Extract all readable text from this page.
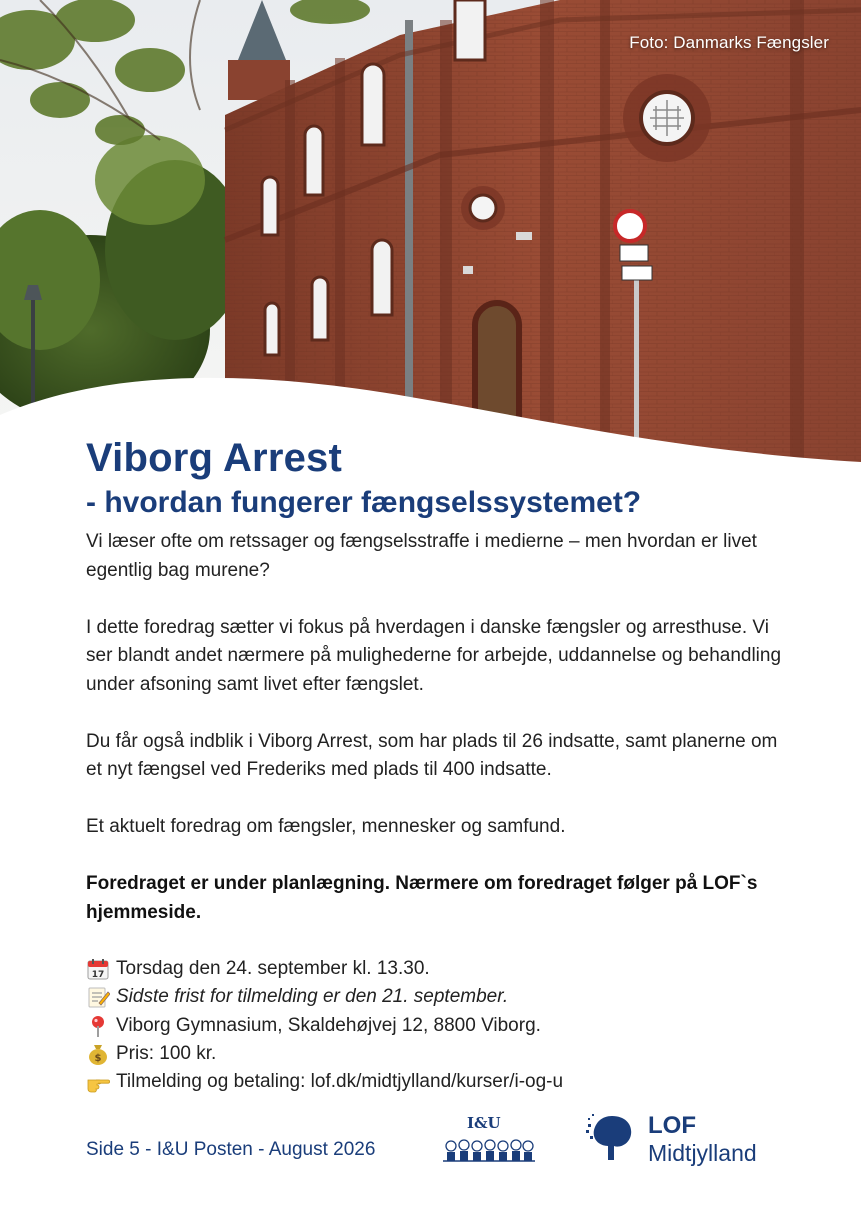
Foto: Danmarks Fængsler
Viborg Arrest
- hvordan fungerer fængselssystemet?

Vi læser ofte om retssager og fængselsstraffe i medierne – men hvordan er livet egentlig bag murene?

I dette foredrag sætter vi fokus på hverdagen i danske fængsler og arresthuse. Vi ser blandt andet nærmere på mulighederne for arbejde, uddannelse og behandling under afsoning samt livet efter fængslet.

Du får også indblik i Viborg Arrest, som har plads til 26 indsatte, samt planerne om et nyt fængsel ved Frederiks med plads til 400 indsatte.

Et aktuelt foredrag om fængsler, mennesker og samfund.

Foredraget er under planlægning. Nærmere om foredraget følger på LOF`s hjemmeside.

17 Torsdag den 24. september kl. 13.30.
Sidste frist for tilmelding er den 21. september.
Viborg Gymnasium, Skaldehøjvej 12, 8800 Viborg.
$ Pris: 100 kr.
Tilmelding og betaling: lof.dk/midtjylland/kurser/i-og-u
Side 5 - I&U Posten - August 2026
I&U	LOF
Midtjylland
